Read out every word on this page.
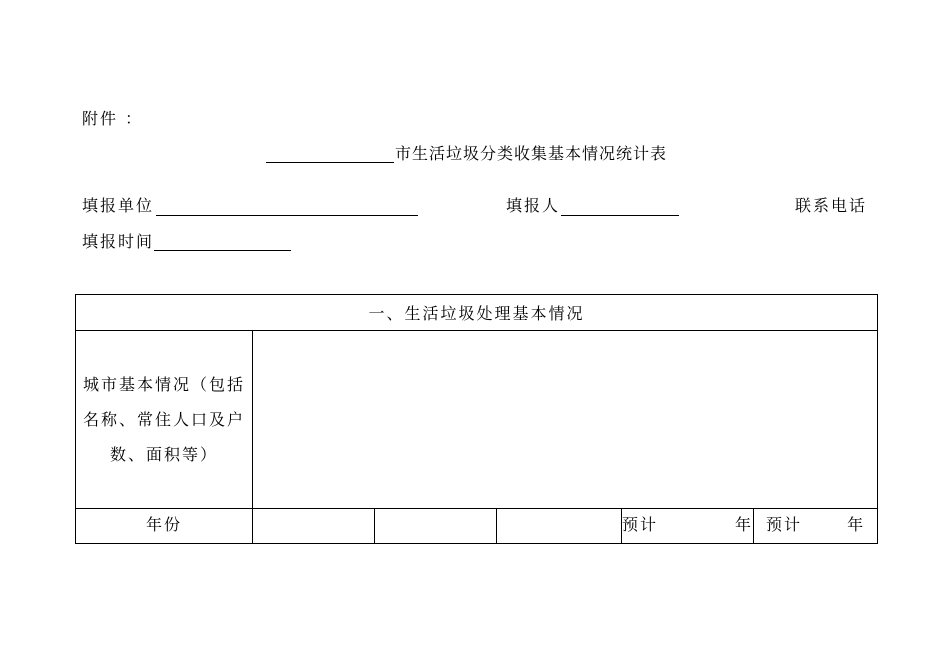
附件 ：
市生活垃圾分类收集基本情况统计表
填报单位	填报人	联系电话
填报时间
一、生活垃圾处理基本情况					
城市基本情况（包括名称、常住人口及户数、面积等）					
年份				预计 年	预计 年
